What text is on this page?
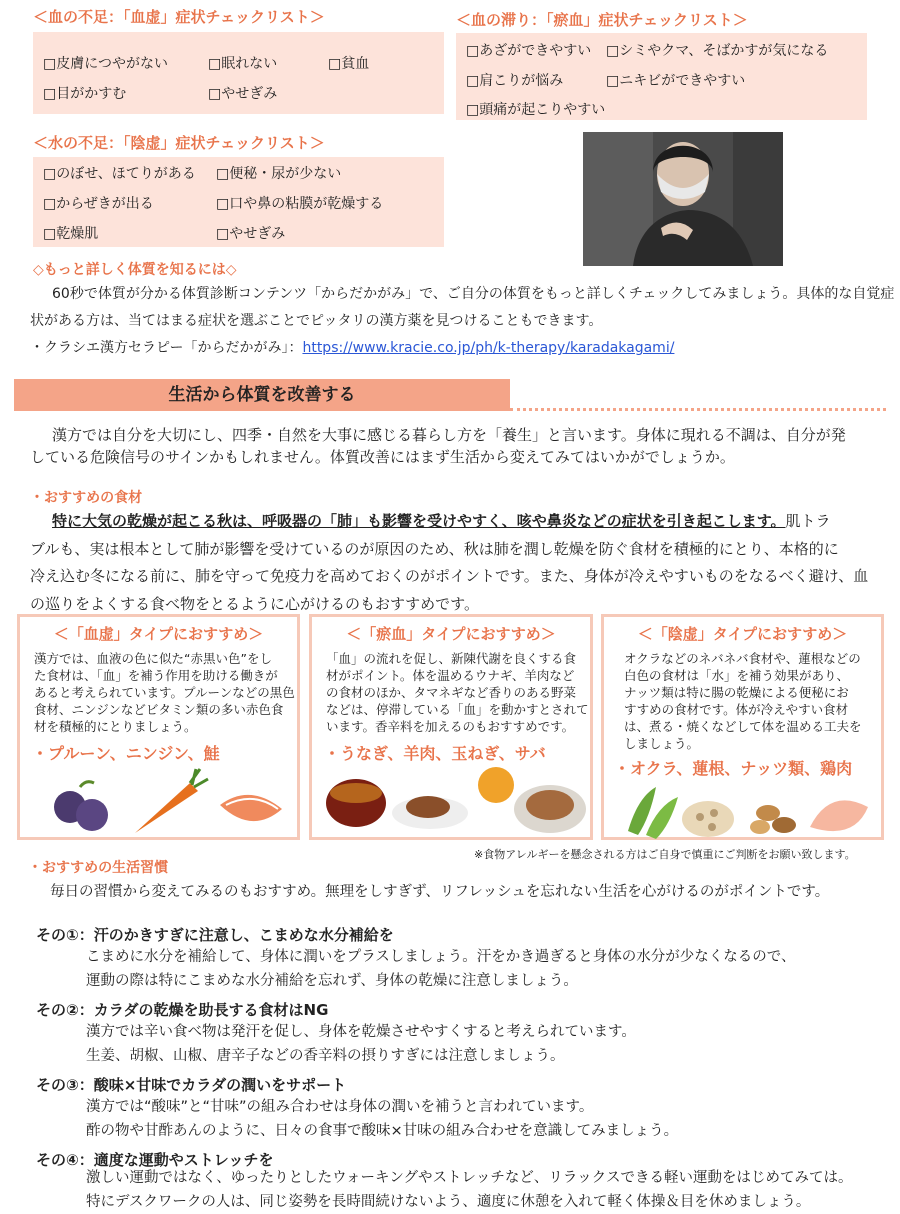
＜血の不足：「血虚」症状チェックリスト＞
□皮膚につやがない	□眠れない	□貧血
□目がかすむ	□やせぎみ
＜血の滞り：「瘀血」症状チェックリスト＞
□あざができやすい □シミやクマ、そばかすが気になる
□肩こりが悩み	□ニキビができやすい
□頭痛が起こりやすい
＜水の不足：「陰虚」症状チェックリスト＞
□のぼせ、ほてりがある □便秘・尿が少ない
□からぜきが出る	□口や鼻の粘膜が乾燥する
□乾燥肌	□やせぎみ
◇もっと詳しく体質を知るには◇
60秒で体質が分かる体質診断コンテンツ「からだかがみ」で、ご自分の体質をもっと詳しくチェックしてみましょう。具体的な自覚症
状がある方は、当てはまる症状を選ぶことでピッタリの漢方薬を見つけることもできます。
・クラシエ漢方セラピー「からだかがみ」：https://www.kracie.co.jp/ph/k-therapy/karadakagami/
生活から体質を改善する
漢方では自分を大切にし、四季・自然を大事に感じる暮らし方を「養生」と言います。身体に現れる不調は、自分が発
している危険信号のサインかもしれません。体質改善にはまず生活から変えてみてはいかがでしょうか。
・おすすめの食材
特に大気の乾燥が起こる秋は、呼吸器の「肺」も影響を受けやすく、咳や鼻炎などの症状を引き起こします。肌トラ
ブルも、実は根本として肺が影響を受けているのが原因のため、秋は肺を潤し乾燥を防ぐ食材を積極的にとり、本格的に
冷え込む冬になる前に、肺を守って免疫力を高めておくのがポイントです。また、身体が冷えやすいものをなるべく避け、血
の巡りをよくする食べ物をとるように心がけるのもおすすめです。
＜「血虚」タイプにおすすめ＞
漢方では、血液の色に似た“赤黒い色”をし
た食材は、「血」を補う作用を助ける働きが
あると考えられています。プルーンなどの黒色
食材、ニンジンなどビタミン類の多い赤色食
材を積極的にとりましょう。
・プルーン、ニンジン、鮭
＜「瘀血」タイプにおすすめ＞
「血」の流れを促し、新陳代謝を良くする食
材がポイント。体を温めるウナギ、羊肉など
の食材のほか、タマネギなど香りのある野菜
などは、停滞している「血」を動かすとされて
います。香辛料を加えるのもおすすめです。
・うなぎ、羊肉、玉ねぎ、サバ
＜「陰虚」タイプにおすすめ＞
オクラなどのネバネバ食材や、蓮根などの
白色の食材は「水」を補う効果があり、
ナッツ類は特に腸の乾燥による便秘にお
すすめの食材です。体が冷えやすい食材
は、煮る・焼くなどして体を温める工夫を
しましょう。
・オクラ、蓮根、ナッツ類、鶏肉
※食物アレルギーを懸念される方はご自身で慎重にご判断をお願い致します。
・おすすめの生活習慣
毎日の習慣から変えてみるのもおすすめ。無理をしすぎず、リフレッシュを忘れない生活を心がけるのがポイントです。
その①：汗のかきすぎに注意し、こまめな水分補給を
こまめに水分を補給して、身体に潤いをプラスしましょう。汗をかき過ぎると身体の水分が少なくなるので、
運動の際は特にこまめな水分補給を忘れず、身体の乾燥に注意しましょう。
その②：カラダの乾燥を助長する食材はNG
漢方では辛い食べ物は発汗を促し、身体を乾燥させやすくすると考えられています。
生姜、胡椒、山椒、唐辛子などの香辛料の摂りすぎには注意しましょう。
その③：酸味×甘味でカラダの潤いをサポート
漢方では“酸味”と“甘味”の組み合わせは身体の潤いを補うと言われています。
酢の物や甘酢あんのように、日々の食事で酸味×甘味の組み合わせを意識してみましょう。
その④：適度な運動やストレッチを
激しい運動ではなく、ゆったりとしたウォーキングやストレッチなど、リラックスできる軽い運動をはじめてみては。
特にデスクワークの人は、同じ姿勢を長時間続けないよう、適度に休憩を入れて軽く体操＆目を休めましょう。
